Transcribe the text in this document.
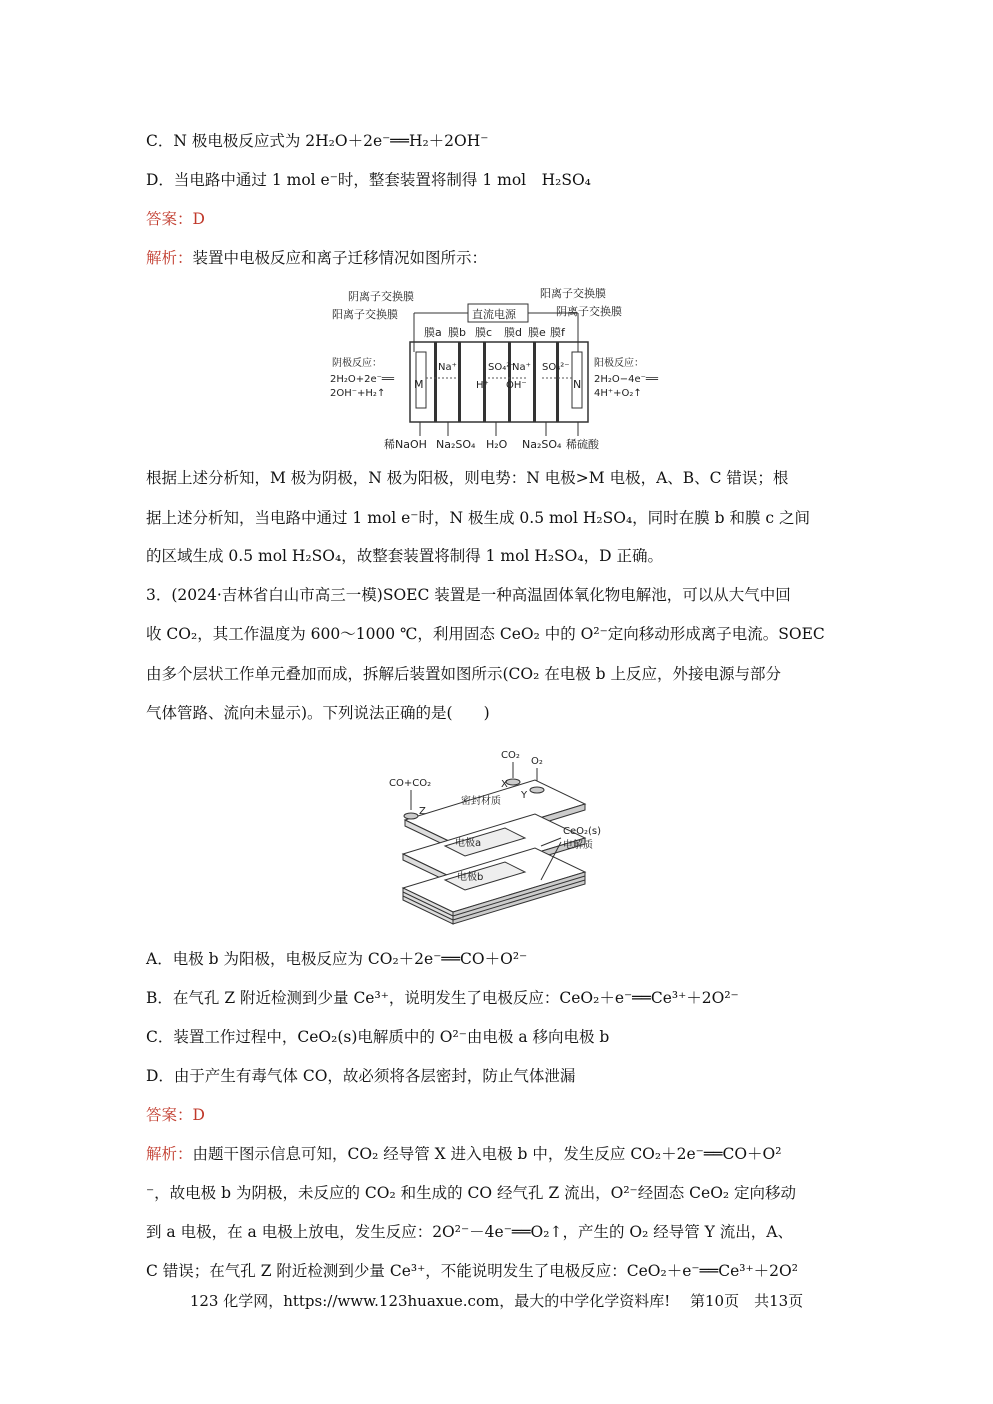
C．N 极电极反应式为 2H₂O＋2e⁻══H₂＋2OH⁻
D．当电路中通过 1 mol e⁻时，整套装置将制得 1 mol　H₂SO₄
答案：D
解析：装置中电极反应和离子迁移情况如图所示：
阴离子交换膜
阳离子交换膜
阳离子交换膜
阴离子交换膜
直流电源
膜a 膜b 膜c 膜d 膜e 膜f
M	N
Na⁺	SO₄²⁻
H⁺
Na⁺
OH⁻
SO₄²⁻
阴极反应：
2H₂O+2e⁻══
2OH⁻+H₂↑
阳极反应：
2H₂O−4e⁻══
4H⁺+O₂↑
稀NaOH Na₂SO₄ H₂O Na₂SO₄ 稀硫酸
根据上述分析知，M 极为阴极，N 极为阳极，则电势：N 电极>M 电极，A、B、C 错误；根
据上述分析知，当电路中通过 1 mol e⁻时，N 极生成 0.5 mol H₂SO₄，同时在膜 b 和膜 c 之间
的区域生成 0.5 mol H₂SO₄，故整套装置将制得 1 mol H₂SO₄，D 正确。
3．(2024·吉林省白山市高三一模)SOEC 装置是一种高温固体氧化物电解池，可以从大气中回
收 CO₂，其工作温度为 600～1000 ℃，利用固态 CeO₂ 中的 O²⁻定向移动形成离子电流。SOEC
由多个层状工作单元叠加而成，拆解后装置如图所示(CO₂ 在电极 b 上反应，外接电源与部分
气体管路、流向未显示)。下列说法正确的是(　　)
CO₂
O₂
CO+CO₂	X
Y
Z
密封材质
电极a
电极b
CeO₂(s)
电解质
A．电极 b 为阳极，电极反应为 CO₂＋2e⁻══CO＋O²⁻
B．在气孔 Z 附近检测到少量 Ce³⁺，说明发生了电极反应：CeO₂＋e⁻══Ce³⁺＋2O²⁻
C．装置工作过程中，CeO₂(s)电解质中的 O²⁻由电极 a 移向电极 b
D．由于产生有毒气体 CO，故必须将各层密封，防止气体泄漏
答案：D
解析：由题干图示信息可知，CO₂ 经导管 X 进入电极 b 中，发生反应 CO₂＋2e⁻══CO＋O²
⁻，故电极 b 为阴极，未反应的 CO₂ 和生成的 CO 经气孔 Z 流出，O²⁻经固态 CeO₂ 定向移动
到 a 电极，在 a 电极上放电，发生反应：2O²⁻－4e⁻══O₂↑，产生的 O₂ 经导管 Y 流出，A、
C 错误；在气孔 Z 附近检测到少量 Ce³⁺，不能说明发生了电极反应：CeO₂＋e⁻══Ce³⁺＋2O²
123 化学网，https://www.123huaxue.com，最大的中学化学资料库!　 第10页　共13页
